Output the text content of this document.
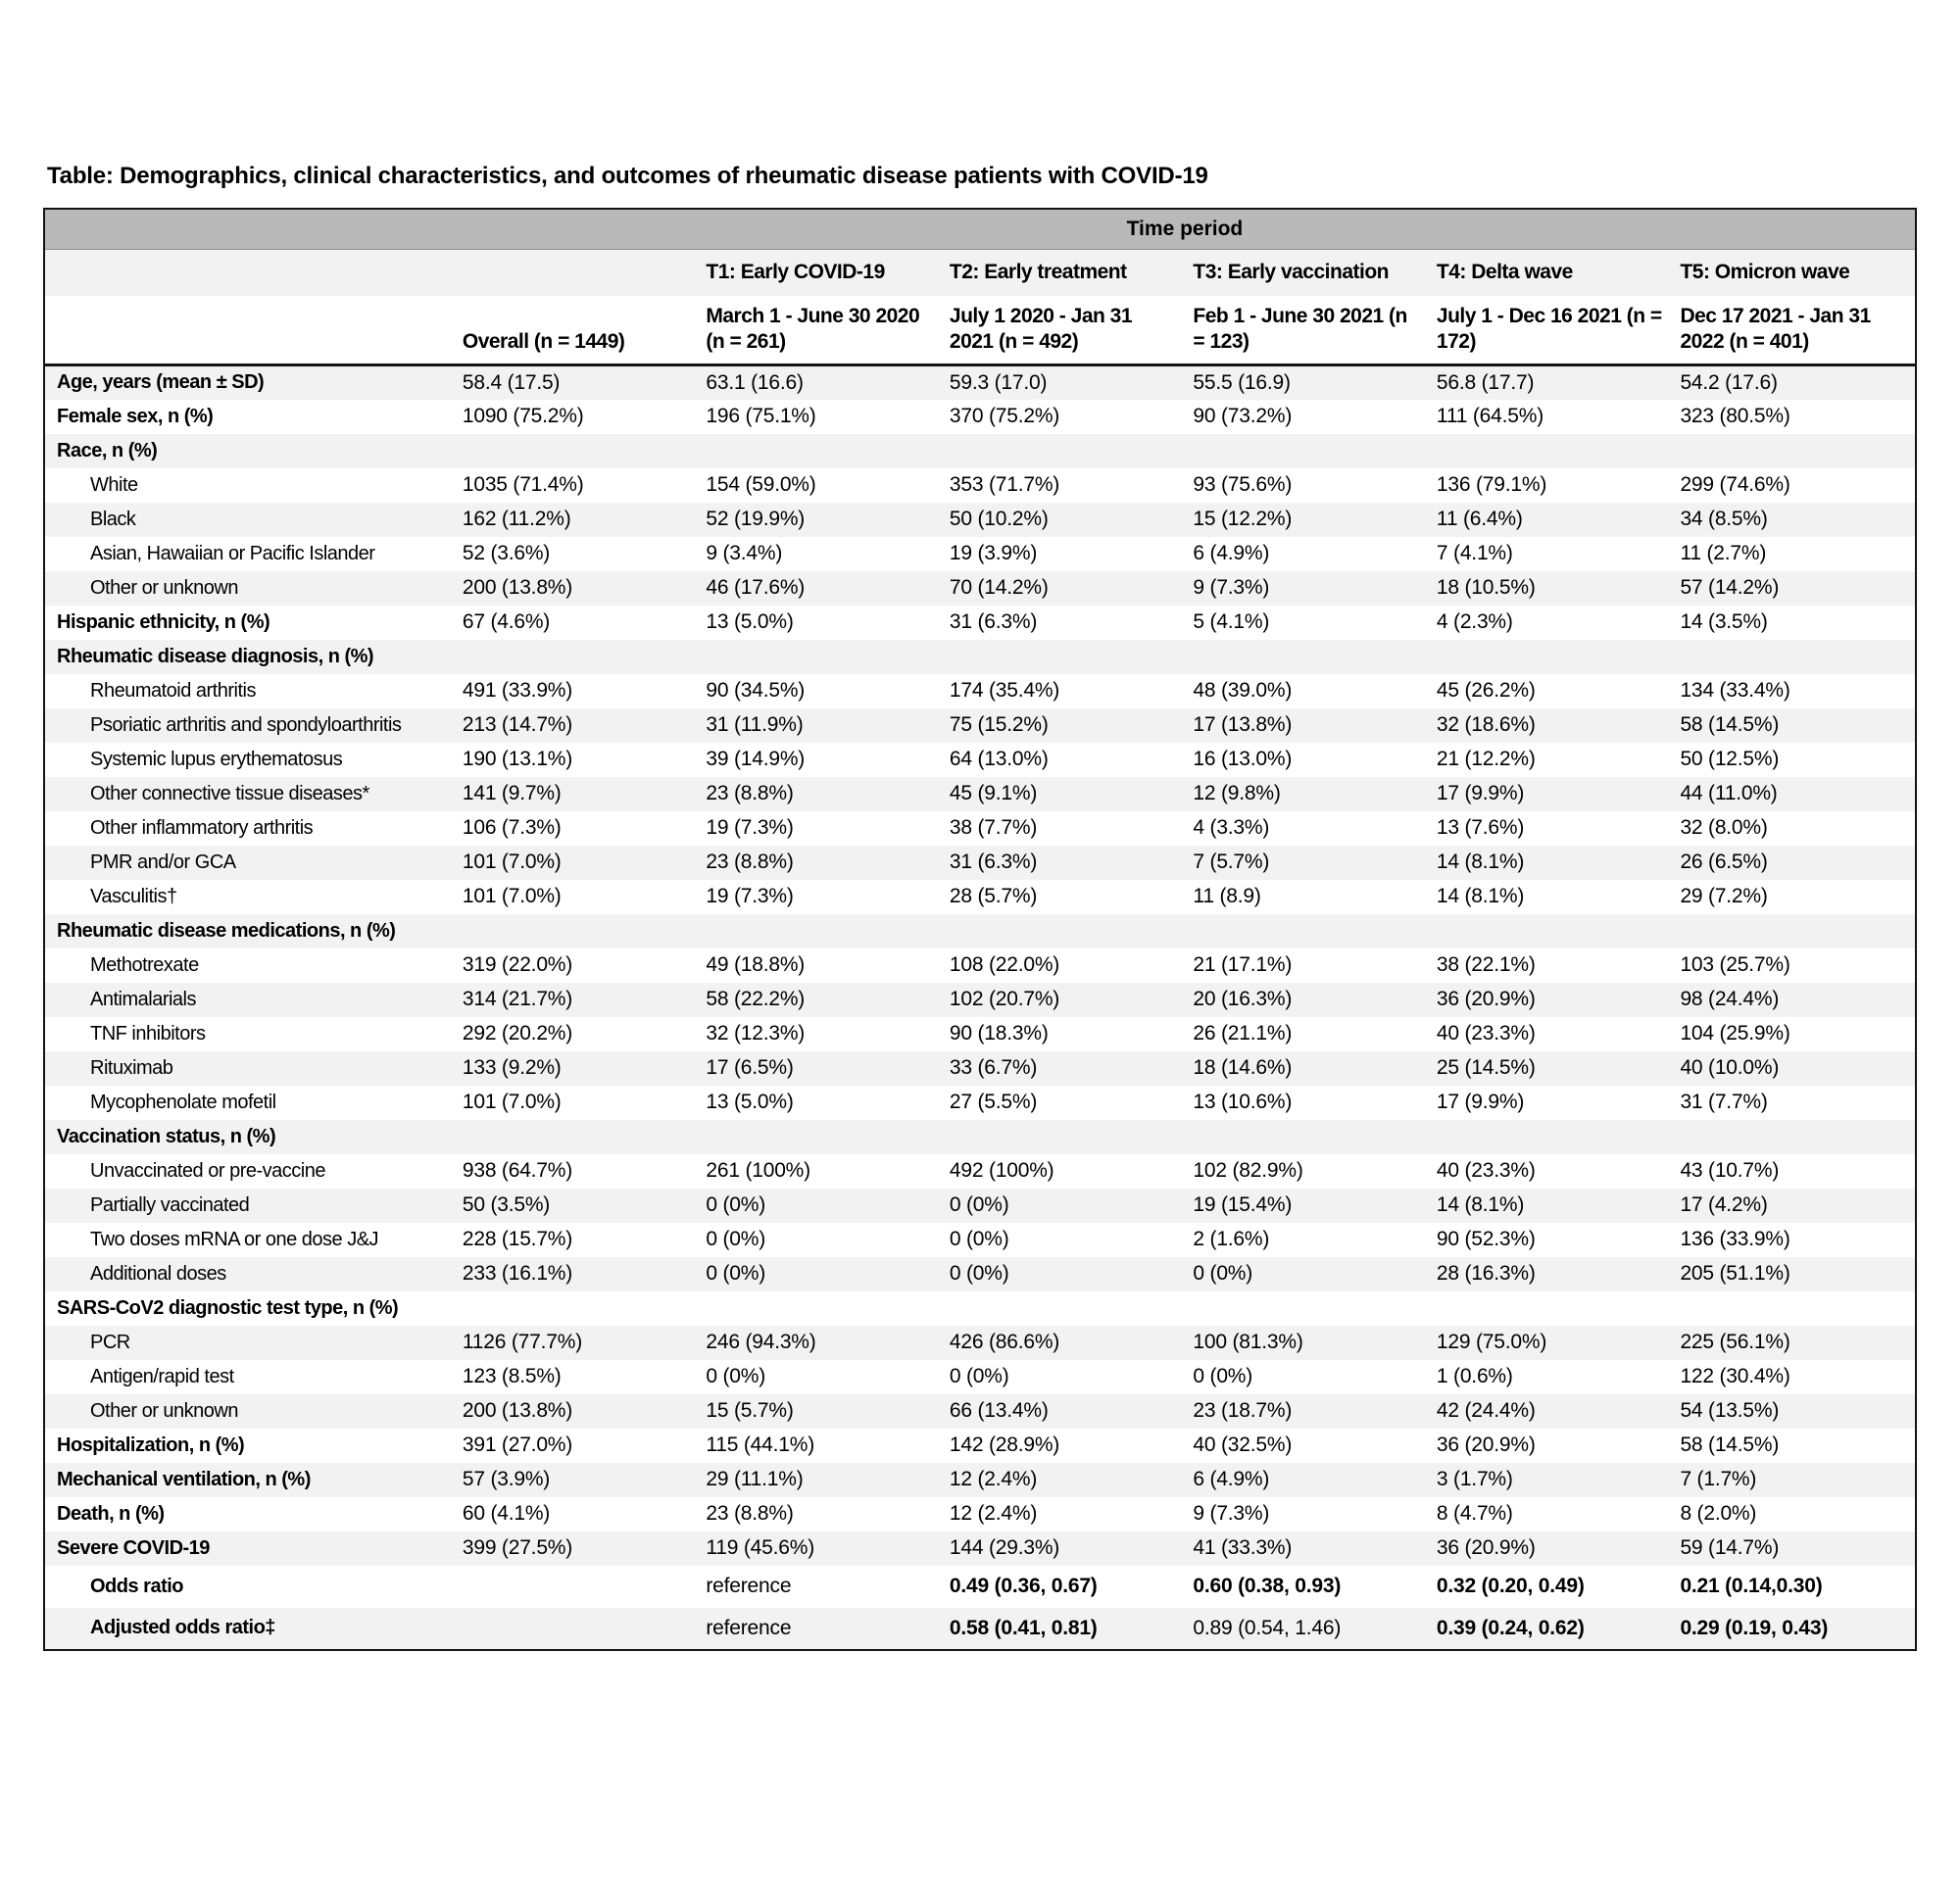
Table: Demographics, clinical characteristics, and outcomes of rheumatic disease patients with COVID-19
	Time period					
		T1: Early COVID-19	T2: Early treatment	T3: Early vaccination	T4: Delta wave	T5: Omicron wave
	Overall (n = 1449)	March 1 - June 30 2020 (n = 261)	July 1 2020 - Jan 31 2021 (n = 492)	Feb 1 - June 30 2021 (n = 123)	July 1 - Dec 16 2021 (n = 172)	Dec 17 2021 - Jan 31 2022 (n = 401)
Age, years (mean ± SD)	58.4 (17.5)	63.1 (16.6)	59.3 (17.0)	55.5 (16.9)	56.8 (17.7)	54.2 (17.6)
Female sex, n (%)	1090 (75.2%)	196 (75.1%)	370 (75.2%)	90 (73.2%)	111 (64.5%)	323 (80.5%)
Race, n (%)						
White	1035 (71.4%)	154 (59.0%)	353 (71.7%)	93 (75.6%)	136 (79.1%)	299 (74.6%)
Black	162 (11.2%)	52 (19.9%)	50 (10.2%)	15 (12.2%)	11 (6.4%)	34 (8.5%)
Asian, Hawaiian or Pacific Islander	52 (3.6%)	9 (3.4%)	19 (3.9%)	6 (4.9%)	7 (4.1%)	11 (2.7%)
Other or unknown	200 (13.8%)	46 (17.6%)	70 (14.2%)	9 (7.3%)	18 (10.5%)	57 (14.2%)
Hispanic ethnicity, n (%)	67 (4.6%)	13 (5.0%)	31 (6.3%)	5 (4.1%)	4 (2.3%)	14 (3.5%)
Rheumatic disease diagnosis, n (%)						
Rheumatoid arthritis	491 (33.9%)	90 (34.5%)	174 (35.4%)	48 (39.0%)	45 (26.2%)	134 (33.4%)
Psoriatic arthritis and spondyloarthritis	213 (14.7%)	31 (11.9%)	75 (15.2%)	17 (13.8%)	32 (18.6%)	58 (14.5%)
Systemic lupus erythematosus	190 (13.1%)	39 (14.9%)	64 (13.0%)	16 (13.0%)	21 (12.2%)	50 (12.5%)
Other connective tissue diseases*	141 (9.7%)	23 (8.8%)	45 (9.1%)	12 (9.8%)	17 (9.9%)	44 (11.0%)
Other inflammatory arthritis	106 (7.3%)	19 (7.3%)	38 (7.7%)	4 (3.3%)	13 (7.6%)	32 (8.0%)
PMR and/or GCA	101 (7.0%)	23 (8.8%)	31 (6.3%)	7 (5.7%)	14 (8.1%)	26 (6.5%)
Vasculitis†	101 (7.0%)	19 (7.3%)	28 (5.7%)	11 (8.9)	14 (8.1%)	29 (7.2%)
Rheumatic disease medications, n (%)						
Methotrexate	319 (22.0%)	49 (18.8%)	108 (22.0%)	21 (17.1%)	38 (22.1%)	103 (25.7%)
Antimalarials	314 (21.7%)	58 (22.2%)	102 (20.7%)	20 (16.3%)	36 (20.9%)	98 (24.4%)
TNF inhibitors	292 (20.2%)	32 (12.3%)	90 (18.3%)	26 (21.1%)	40 (23.3%)	104 (25.9%)
Rituximab	133 (9.2%)	17 (6.5%)	33 (6.7%)	18 (14.6%)	25 (14.5%)	40 (10.0%)
Mycophenolate mofetil	101 (7.0%)	13 (5.0%)	27 (5.5%)	13 (10.6%)	17 (9.9%)	31 (7.7%)
Vaccination status, n (%)						
Unvaccinated or pre-vaccine	938 (64.7%)	261 (100%)	492 (100%)	102 (82.9%)	40 (23.3%)	43 (10.7%)
Partially vaccinated	50 (3.5%)	0 (0%)	0 (0%)	19 (15.4%)	14 (8.1%)	17 (4.2%)
Two doses mRNA or one dose J&J	228 (15.7%)	0 (0%)	0 (0%)	2 (1.6%)	90 (52.3%)	136 (33.9%)
Additional doses	233 (16.1%)	0 (0%)	0 (0%)	0 (0%)	28 (16.3%)	205 (51.1%)
SARS-CoV2 diagnostic test type, n (%)						
PCR	1126 (77.7%)	246 (94.3%)	426 (86.6%)	100 (81.3%)	129 (75.0%)	225 (56.1%)
Antigen/rapid test	123 (8.5%)	0 (0%)	0 (0%)	0 (0%)	1 (0.6%)	122 (30.4%)
Other or unknown	200 (13.8%)	15 (5.7%)	66 (13.4%)	23 (18.7%)	42 (24.4%)	54 (13.5%)
Hospitalization, n (%)	391 (27.0%)	115 (44.1%)	142 (28.9%)	40 (32.5%)	36 (20.9%)	58 (14.5%)
Mechanical ventilation, n (%)	57 (3.9%)	29 (11.1%)	12 (2.4%)	6 (4.9%)	3 (1.7%)	7 (1.7%)
Death, n (%)	60 (4.1%)	23 (8.8%)	12 (2.4%)	9 (7.3%)	8 (4.7%)	8 (2.0%)
Severe COVID-19	399 (27.5%)	119 (45.6%)	144 (29.3%)	41 (33.3%)	36 (20.9%)	59 (14.7%)
Odds ratio		reference	0.49 (0.36, 0.67)	0.60 (0.38, 0.93)	0.32 (0.20, 0.49)	0.21 (0.14,0.30)
Adjusted odds ratio‡		reference	0.58 (0.41, 0.81)	0.89 (0.54, 1.46)	0.39 (0.24, 0.62)	0.29 (0.19, 0.43)
